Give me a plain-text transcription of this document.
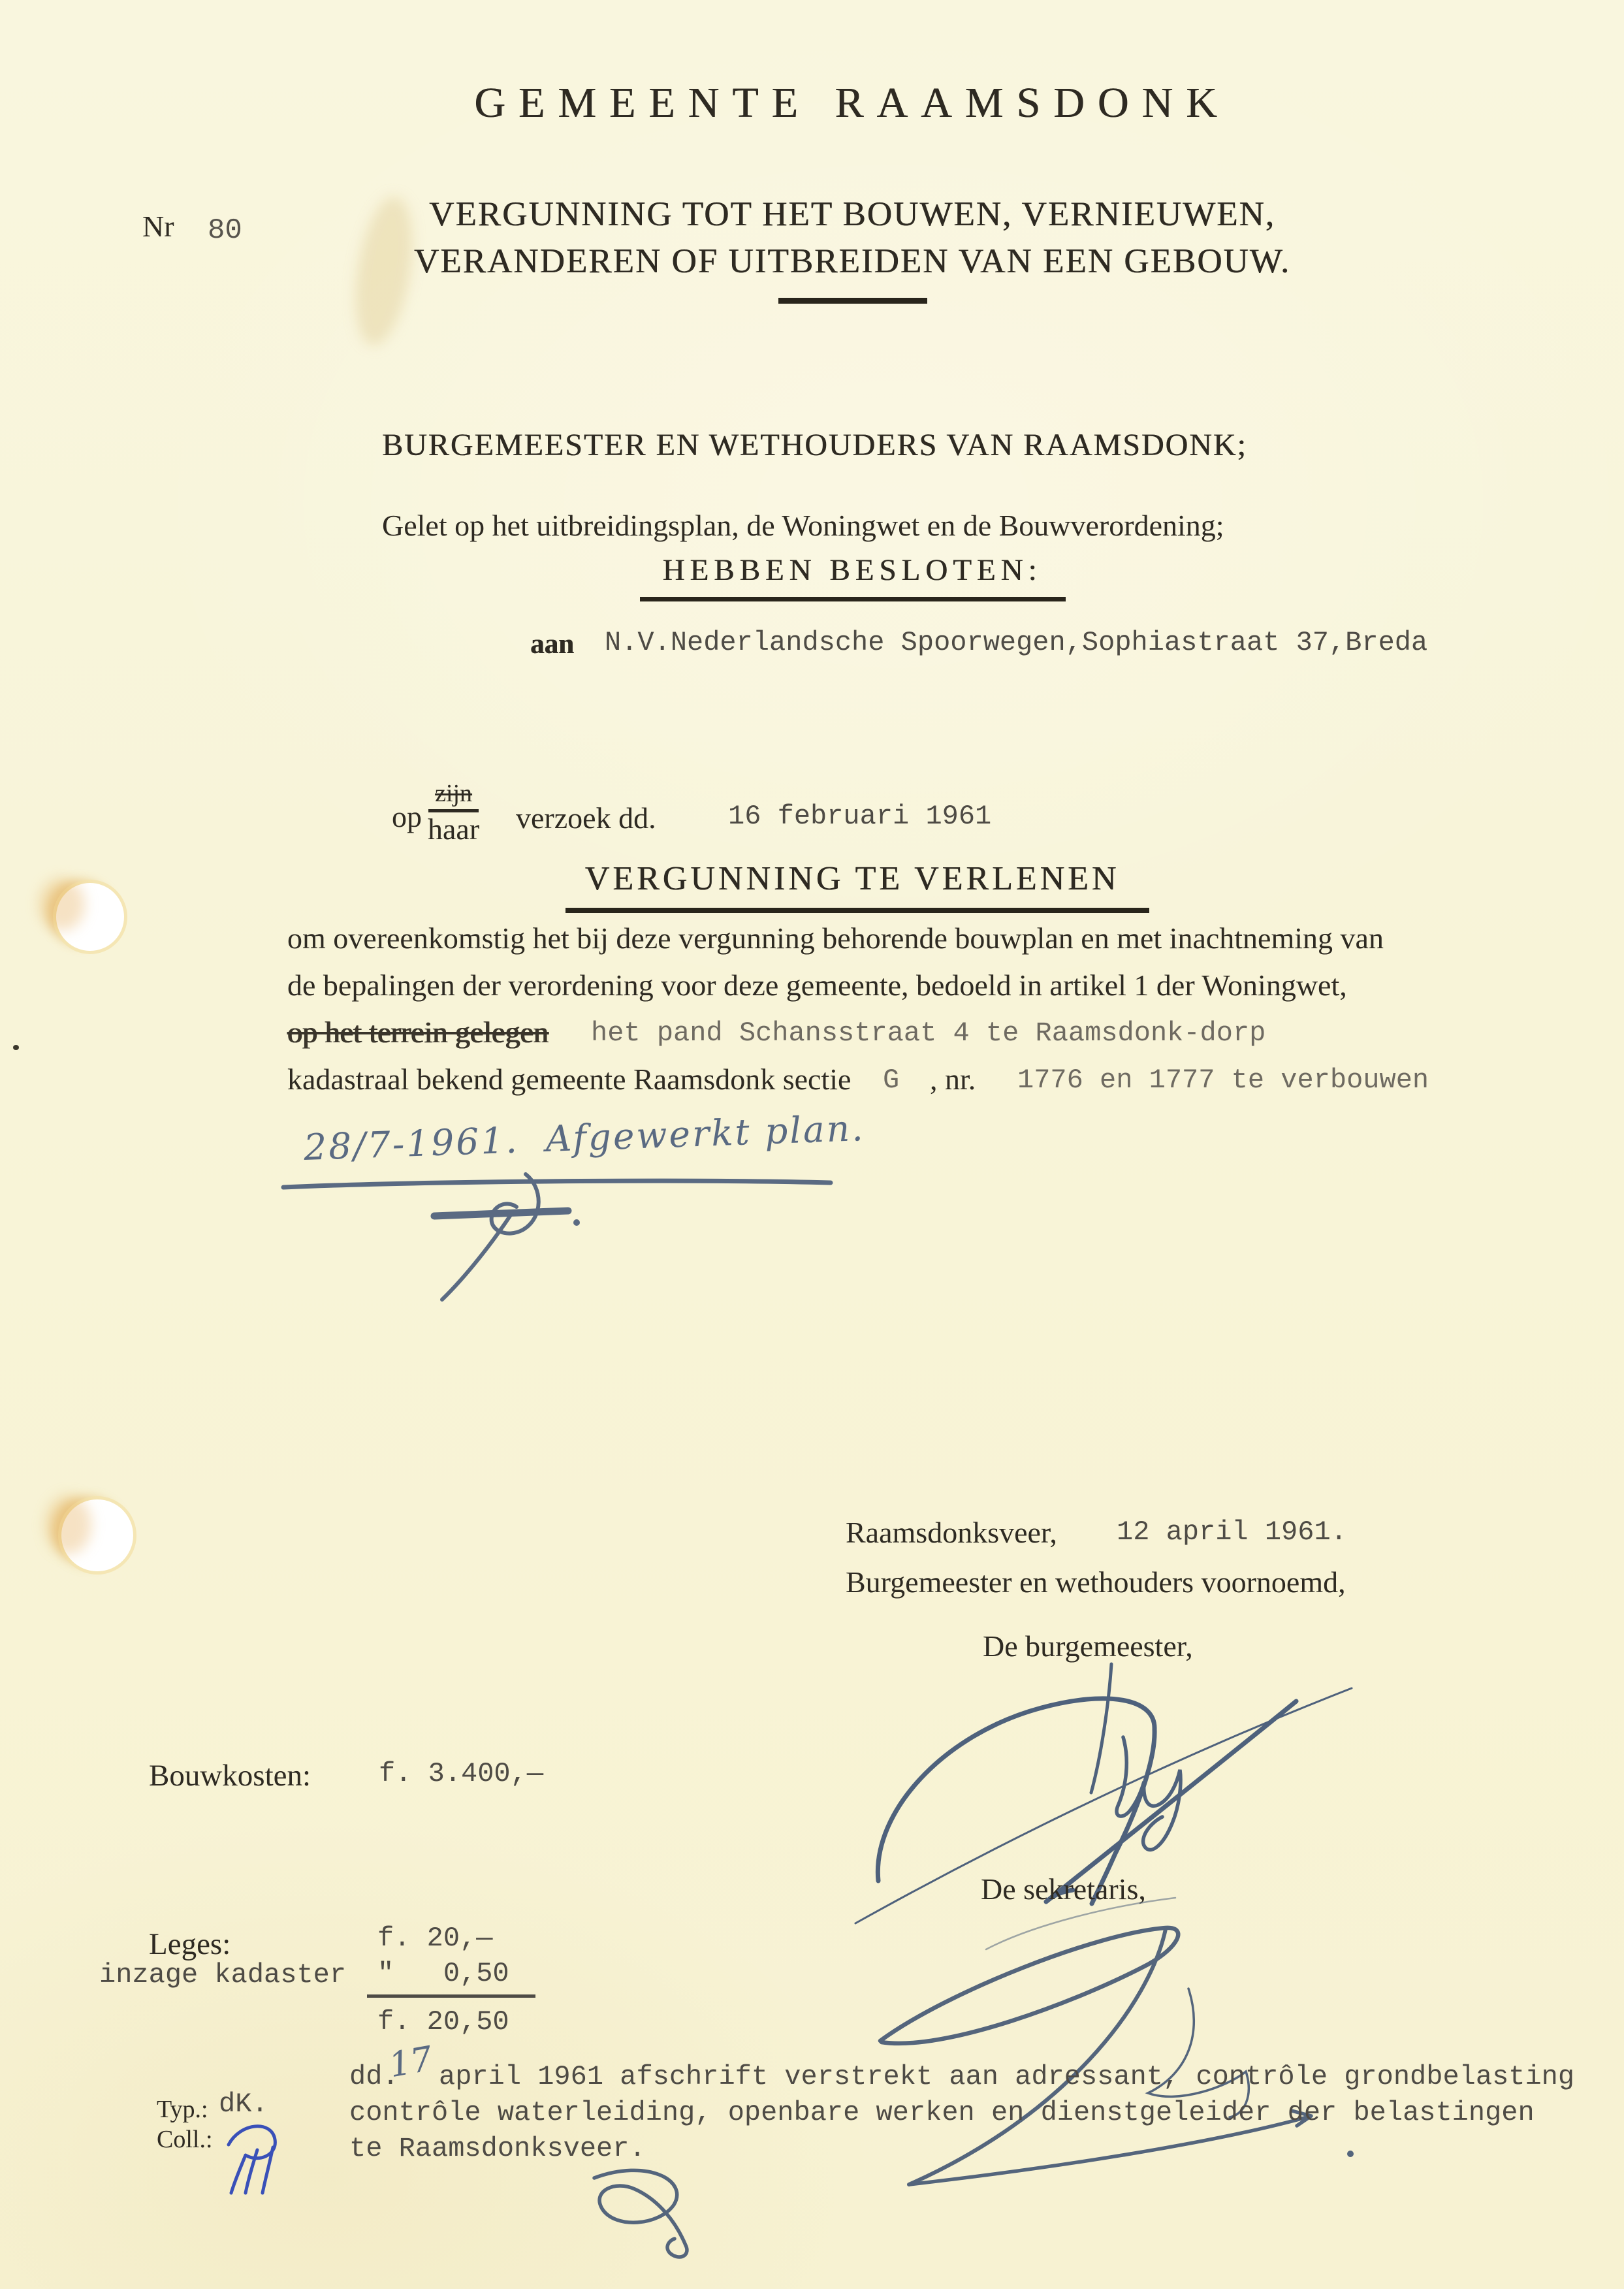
GEMEENTE RAAMSDONK
Nr 80	VERGUNNING TOT HET BOUWEN, VERNIEUWEN,
VERANDEREN OF UITBREIDEN VAN EEN GEBOUW.
BURGEMEESTER EN WETHOUDERS VAN RAAMSDONK;
Gelet op het uitbreidingsplan, de Woningwet en de Bouwverordening;
HEBBEN BESLOTEN:
aan N.V.Nederlandsche Spoorwegen,Sophiastraat 37,Breda
op
zijn
haar verzoek dd.	16 februari 1961
VERGUNNING TE VERLENEN
om overeenkomstig het bij deze vergunning behorende bouwplan en met inachtneming van
de bepalingen der verordening voor deze gemeente, bedoeld in artikel 1 der Woningwet,
op het terrein gelegen het pand Schansstraat 4 te Raamsdonk-dorp
kadastraal bekend gemeente Raamsdonk sectie G , nr. 1776 en 1777 te verbouwen
28/7-1961.  Afgewerkt plan.
Raamsdonksveer, 12 april 1961.
Burgemeester en wethouders voornoemd,
De burgemeester,
Bouwkosten: f. 3.400,—
De sekretaris,
Leges:	f. 20,—
inzage kadaster "   0,50
f. 20,50
Typ.: dK.
Coll.:
dd.
17 april 1961 afschrift verstrekt aan adressant, contrôle grondbelasting
contrôle waterleiding, openbare werken en dienstgeleider der belastingen
te Raamsdonksveer.
